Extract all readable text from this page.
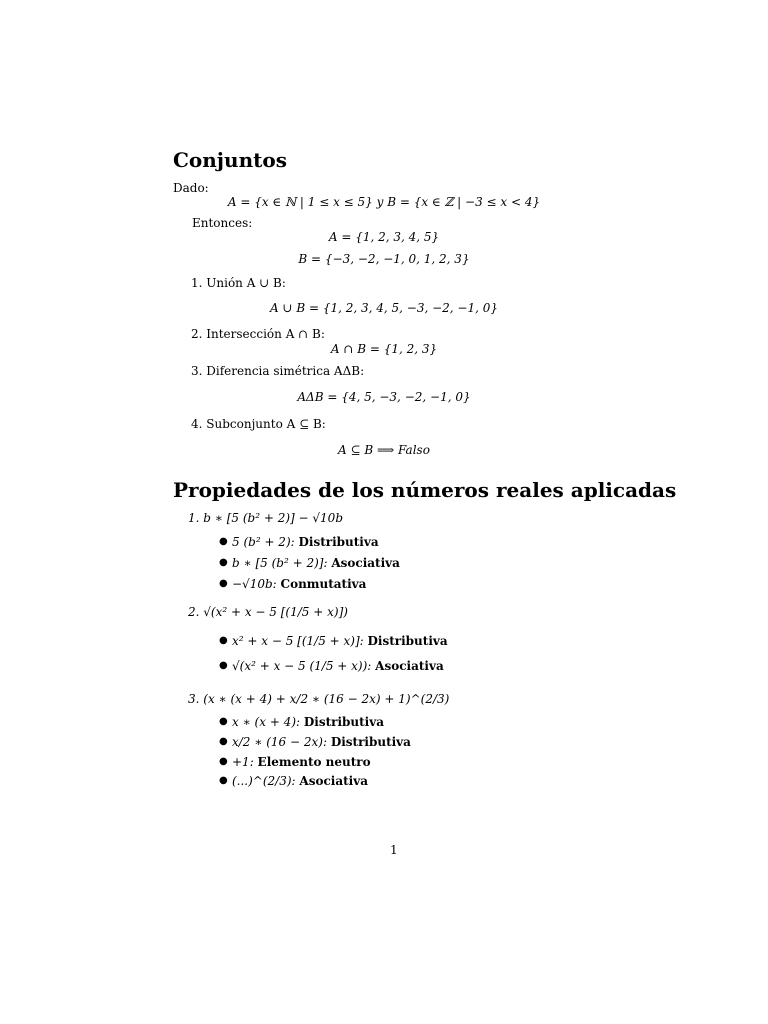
Conjuntos
Dado:
A = {x ∈ ℕ | 1 ≤ x ≤ 5} y B = {x ∈ ℤ | −3 ≤ x < 4}
Entonces:
A = {1, 2, 3, 4, 5}
B = {−3, −2, −1, 0, 1, 2, 3}
1. Unión A ∪ B:
A ∪ B = {1, 2, 3, 4, 5, −3, −2, −1, 0}
2. Intersección A ∩ B:
A ∩ B = {1, 2, 3}
3. Diferencia simétrica AΔB:
AΔB = {4, 5, −3, −2, −1, 0}
4. Subconjunto A ⊆ B:
A ⊆ B ⟹ Falso
Propiedades de los números reales aplicadas
1. b ∗ [5 (b² + 2)] − √10b
● 5 (b² + 2): Distributiva
● b ∗ [5 (b² + 2)]: Asociativa
● −√10b: Conmutativa
2. √(x² + x − 5 [(1/5 + x)])
● x² + x − 5 [(1/5 + x)]: Distributiva
● √(x² + x − 5 (1/5 + x)): Asociativa
3. (x ∗ (x + 4) + x/2 ∗ (16 − 2x) + 1)^(2/3)
● x ∗ (x + 4): Distributiva
● x/2 ∗ (16 − 2x): Distributiva
● +1: Elemento neutro
● (...)^(2/3): Asociativa
1
